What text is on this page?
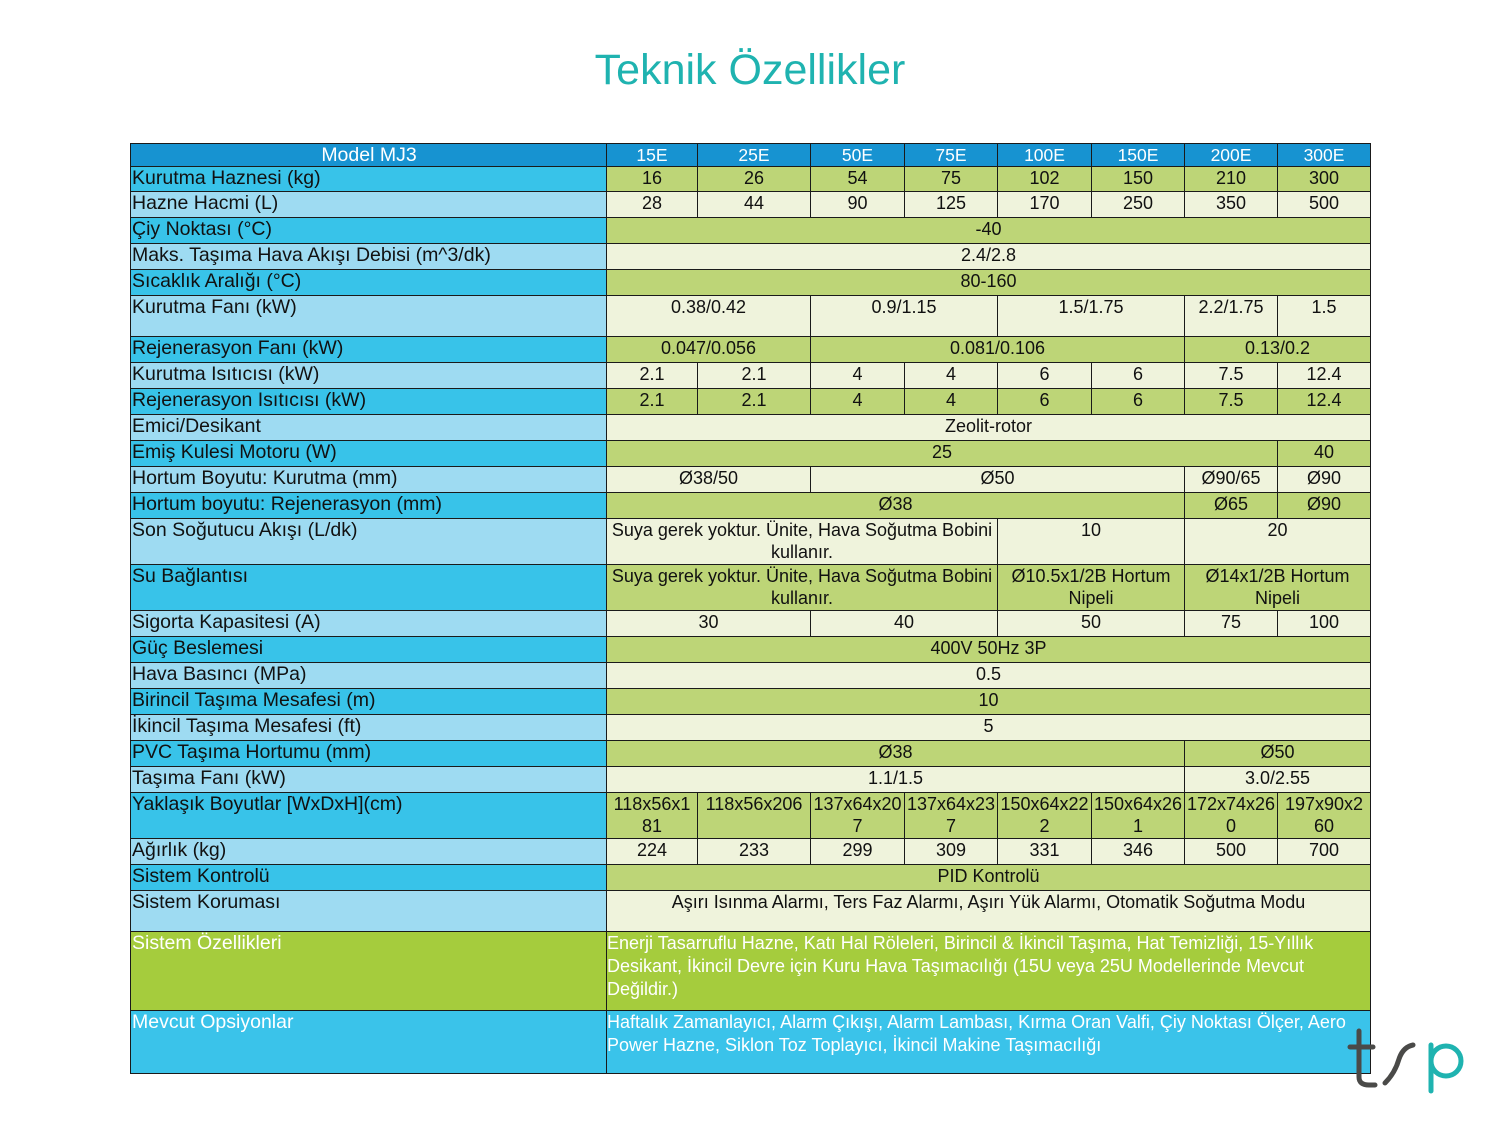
Teknik Özellikler
Model MJ3	15E	25E	50E	75E	100E	150E	200E	300E
Kurutma Haznesi (kg)	16	26	54	75	102	150	210	300
Hazne Hacmi (L)	28	44	90	125	170	250	350	500
Çiy Noktası (°C)	-40							
Maks. Taşıma Hava Akışı Debisi (m^3/dk)	2.4/2.8							
Sıcaklık Aralığı (°C)	80-160							
Kurutma Fanı (kW)	0.38/0.42		0.9/1.15		1.5/1.75		2.2/1.75	1.5
Rejenerasyon Fanı (kW)	0.047/0.056		0.081/0.106				0.13/0.2	
Kurutma Isıtıcısı (kW)	2.1	2.1	4	4	6	6	7.5	12.4
Rejenerasyon Isıtıcısı (kW)	2.1	2.1	4	4	6	6	7.5	12.4
Emici/Desikant	Zeolit-rotor							
Emiş Kulesi Motoru (W)	25							40
Hortum Boyutu: Kurutma (mm)	Ø38/50		Ø50				Ø90/65	Ø90
Hortum boyutu: Rejenerasyon (mm)	Ø38						Ø65	Ø90
Son Soğutucu Akışı (L/dk)	Suya gerek yoktur. Ünite, Hava Soğutma Bobini kullanır.				10		20	
Su Bağlantısı	Suya gerek yoktur. Ünite, Hava Soğutma Bobini kullanır.				Ø10.5x1/2B Hortum Nipeli		Ø14x1/2B Hortum Nipeli	
Sigorta Kapasitesi (A)	30		40		50		75	100
Güç Beslemesi	400V 50Hz 3P							
Hava Basıncı (MPa)	0.5							
Birincil Taşıma Mesafesi (m)	10							
İkincil Taşıma Mesafesi (ft)	5							
PVC Taşıma Hortumu (mm)	Ø38						Ø50	
Taşıma Fanı (kW)	1.1/1.5						3.0/2.55	
Yaklaşık Boyutlar [WxDxH](cm)	118x56x1 81	118x56x206	137x64x20 7	137x64x23 7	150x64x22 2	150x64x26 1	172x74x26 0	197x90x2 60
Ağırlık (kg)	224	233	299	309	331	346	500	700
Sistem Kontrolü	PID Kontrolü							
Sistem Koruması	Aşırı Isınma Alarmı, Ters Faz Alarmı, Aşırı Yük Alarmı, Otomatik Soğutma Modu							
Sistem Özellikleri	Enerji Tasarruflu Hazne, Katı Hal Röleleri, Birincil & İkincil Taşıma, Hat Temizliği, 15-Yıllık Desikant, İkincil Devre için Kuru Hava Taşımacılığı (15U veya 25U Modellerinde Mevcut Değildir.)							
Mevcut Opsiyonlar	Haftalık Zamanlayıcı, Alarm Çıkışı, Alarm Lambası, Kırma Oran Valfi, Çiy Noktası Ölçer, Aero Power Hazne, Siklon Toz Toplayıcı, İkincil Makine Taşımacılığı							
